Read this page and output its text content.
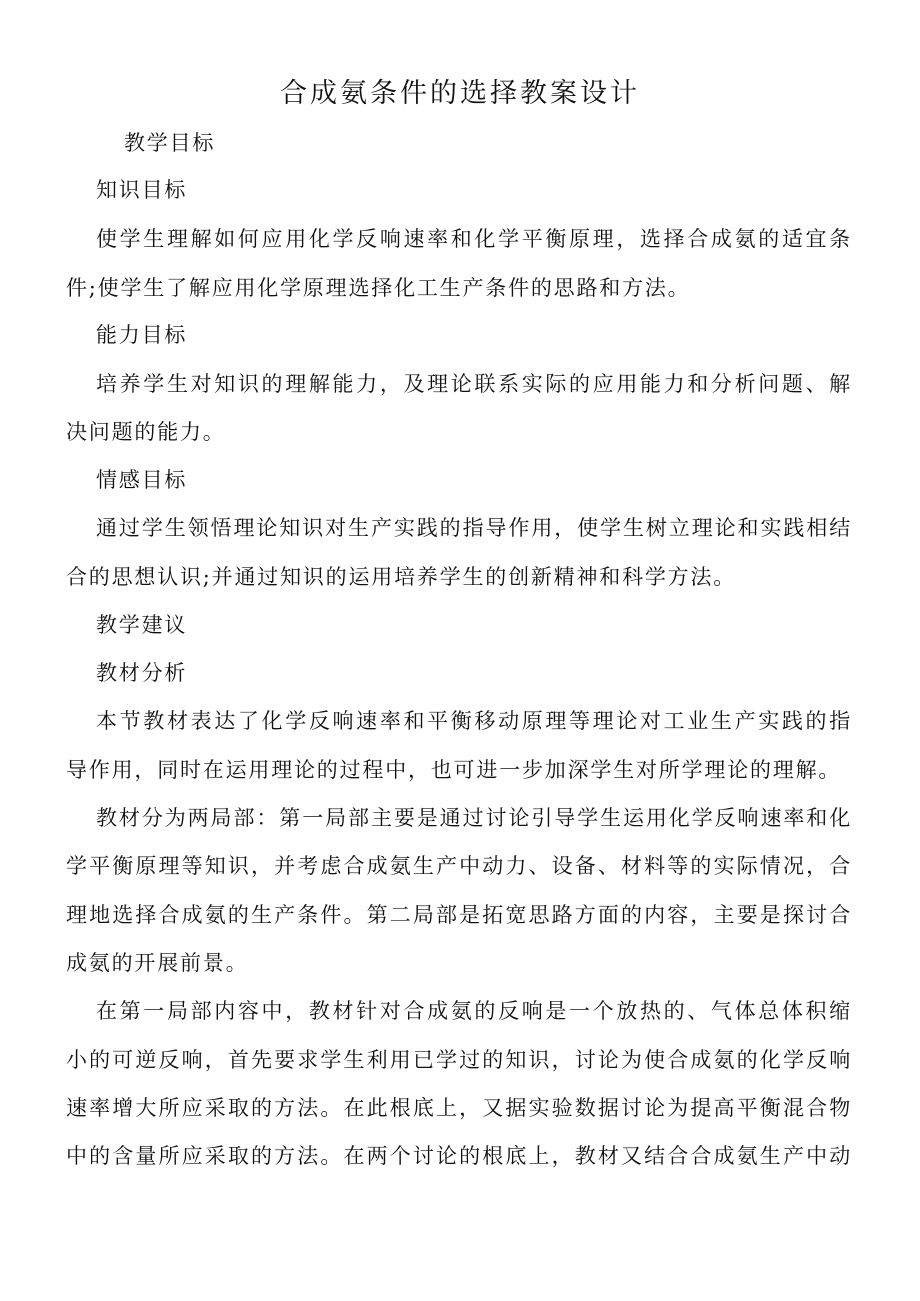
合成氨条件的选择教案设计
教学目标
知识目标
使学生理解如何应用化学反响速率和化学平衡原理，选择合成氨的适宜条
件;使学生了解应用化学原理选择化工生产条件的思路和方法。
能力目标
培养学生对知识的理解能力，及理论联系实际的应用能力和分析问题、解
决问题的能力。
情感目标
通过学生领悟理论知识对生产实践的指导作用，使学生树立理论和实践相结
合的思想认识;并通过知识的运用培养学生的创新精神和科学方法。
教学建议
教材分析
本节教材表达了化学反响速率和平衡移动原理等理论对工业生产实践的指
导作用，同时在运用理论的过程中，也可进一步加深学生对所学理论的理解。
教材分为两局部：第一局部主要是通过讨论引导学生运用化学反响速率和化
学平衡原理等知识，并考虑合成氨生产中动力、设备、材料等的实际情况，合
理地选择合成氨的生产条件。第二局部是拓宽思路方面的内容，主要是探讨合
成氨的开展前景。
在第一局部内容中，教材针对合成氨的反响是一个放热的、气体总体积缩
小的可逆反响，首先要求学生利用已学过的知识，讨论为使合成氨的化学反响
速率增大所应采取的方法。在此根底上，又据实验数据讨论为提高平衡混合物
中的含量所应采取的方法。在两个讨论的根底上，教材又结合合成氨生产中动
